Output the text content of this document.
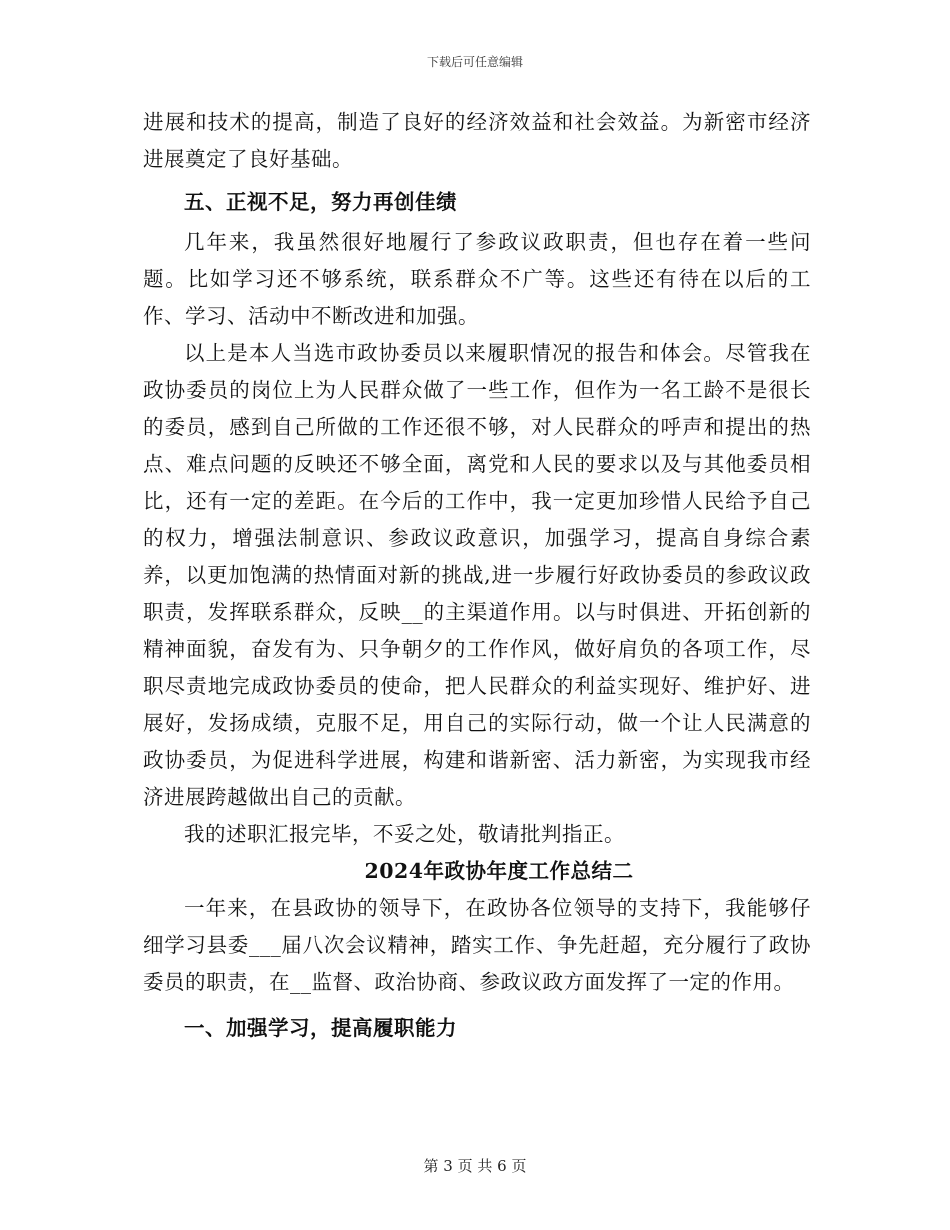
下载后可任意编辑

进展和技术的提高，制造了良好的经济效益和社会效益。为新密市经济进展奠定了良好基础。

五、正视不足，努力再创佳绩

几年来，我虽然很好地履行了参政议政职责，但也存在着一些问题。比如学习还不够系统，联系群众不广等。这些还有待在以后的工作、学习、活动中不断改进和加强。

以上是本人当选市政协委员以来履职情况的报告和体会。尽管我在政协委员的岗位上为人民群众做了一些工作，但作为一名工龄不是很长的委员，感到自己所做的工作还很不够，对人民群众的呼声和提出的热点、难点问题的反映还不够全面，离党和人民的要求以及与其他委员相比，还有一定的差距。在今后的工作中，我一定更加珍惜人民给予自己的权力，增强法制意识、参政议政意识，加强学习，提高自身综合素养，以更加饱满的热情面对新的挑战,进一步履行好政协委员的参政议政职责，发挥联系群众，反映__的主渠道作用。以与时俱进、开拓创新的精神面貌，奋发有为、只争朝夕的工作作风，做好肩负的各项工作，尽职尽责地完成政协委员的使命，把人民群众的利益实现好、维护好、进展好，发扬成绩，克服不足，用自己的实际行动，做一个让人民满意的政协委员，为促进科学进展，构建和谐新密、活力新密，为实现我市经济进展跨越做出自己的贡献。

我的述职汇报完毕，不妥之处，敬请批判指正。

2024年政协年度工作总结二

一年来，在县政协的领导下，在政协各位领导的支持下，我能够仔细学习县委___届八次会议精神，踏实工作、争先赶超，充分履行了政协委员的职责，在__监督、政治协商、参政议政方面发挥了一定的作用。

一、加强学习，提高履职能力
第 3 页 共 6 页
